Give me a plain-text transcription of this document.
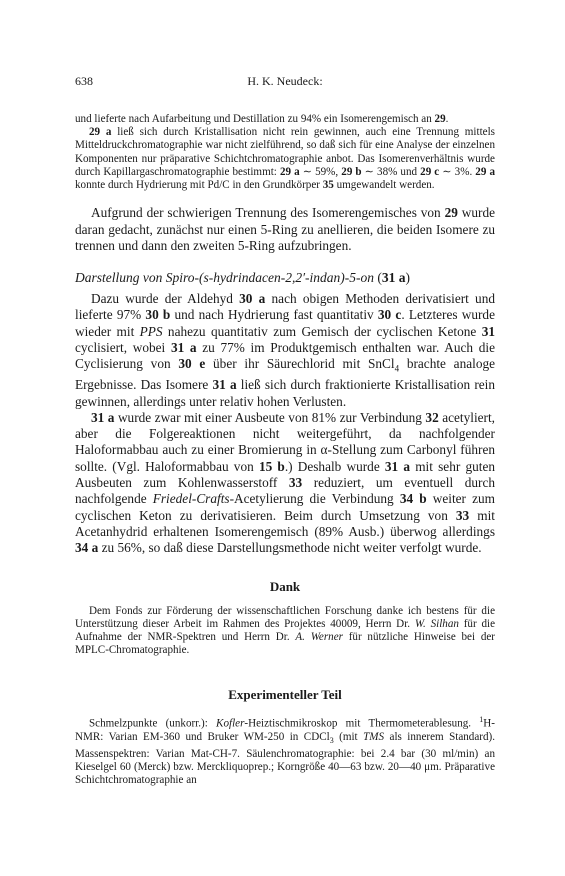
638	H. K. Neudeck:

und lieferte nach Aufarbeitung und Destillation zu 94% ein Isomerengemisch an 29.

29 a ließ sich durch Kristallisation nicht rein gewinnen, auch eine Trennung mittels Mitteldruckchromatographie war nicht zielführend, so daß sich für eine Analyse der einzelnen Komponenten nur präparative Schichtchromatographie anbot. Das Isomerenverhältnis wurde durch Kapillargaschromatographie bestimmt: 29 a ∼ 59%, 29 b ∼ 38% und 29 c ∼ 3%. 29 a konnte durch Hydrierung mit Pd/C in den Grundkörper 35 umgewandelt werden.

Aufgrund der schwierigen Trennung des Isomerengemisches von 29 wurde daran gedacht, zunächst nur einen 5-Ring zu anellieren, die beiden Isomere zu trennen und dann den zweiten 5-Ring aufzubringen.

Darstellung von Spiro-(s-hydrindacen-2,2′-indan)-5-on (31 a)

Dazu wurde der Aldehyd 30 a nach obigen Methoden derivatisiert und lieferte 97% 30 b und nach Hydrierung fast quantitativ 30 c. Letzteres wurde wieder mit PPS nahezu quantitativ zum Gemisch der cyclischen Ketone 31 cyclisiert, wobei 31 a zu 77% im Produktgemisch enthalten war. Auch die Cyclisierung von 30 e über ihr Säurechlorid mit SnCl$_4$ brachte analoge Ergebnisse. Das Isomere 31 a ließ sich durch fraktionierte Kristallisation rein gewinnen, allerdings unter relativ hohen Verlusten.

31 a wurde zwar mit einer Ausbeute von 81% zur Verbindung 32 acetyliert, aber die Folgereaktionen nicht weitergeführt, da nachfolgender Haloformabbau auch zu einer Bromierung in α-Stellung zum Carbonyl führen sollte. (Vgl. Haloformabbau von 15 b.) Deshalb wurde 31 a mit sehr guten Ausbeuten zum Kohlenwasserstoff 33 reduziert, um eventuell durch nachfolgende Friedel-Crafts-Acetylierung die Verbindung 34 b weiter zum cyclischen Keton zu derivatisieren. Beim durch Umsetzung von 33 mit Acetanhydrid erhaltenen Isomerengemisch (89% Ausb.) überwog allerdings 34 a zu 56%, so daß diese Darstellungsmethode nicht weiter verfolgt wurde.

Dank

Dem Fonds zur Förderung der wissenschaftlichen Forschung danke ich bestens für die Unterstützung dieser Arbeit im Rahmen des Projektes 40009, Herrn Dr. W. Silhan für die Aufnahme der NMR-Spektren und Herrn Dr. A. Werner für nützliche Hinweise bei der MPLC-Chromatographie.

Experimenteller Teil

Schmelzpunkte (unkorr.): Kofler-Heiztischmikroskop mit Thermometerablesung. $^1$H-NMR: Varian EM-360 und Bruker WM-250 in CDCl$_3$ (mit TMS als innerem Standard). Massenspektren: Varian Mat-CH-7. Säulenchromatographie: bei 2.4 bar (30 ml/min) an Kieselgel 60 (Merck) bzw. Merckliquoprep.; Korngröße 40—63 bzw. 20—40 μm. Präparative Schichtchromatographie an
